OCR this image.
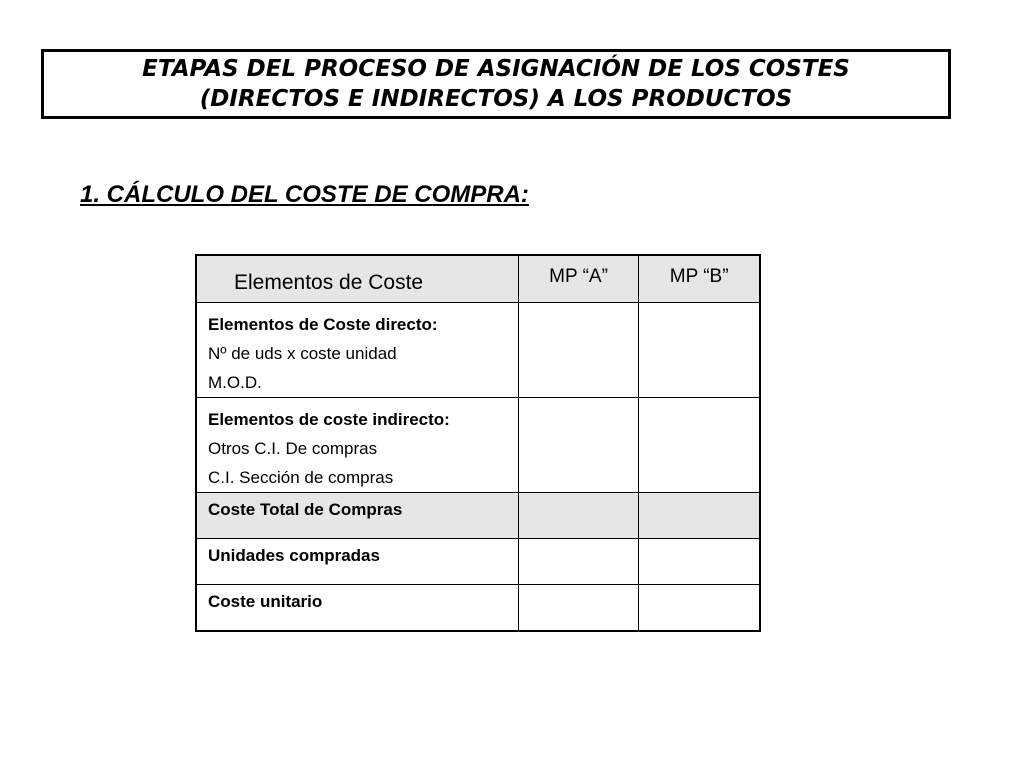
ETAPAS DEL PROCESO DE ASIGNACIÓN DE LOS COSTES
(DIRECTOS E INDIRECTOS) A LOS PRODUCTOS
1. CÁLCULO DEL COSTE DE COMPRA:
Elementos de Coste	MP “A”	MP “B”

Elementos de Coste directo:
Nº de uds x coste unidad
M.O.D.		

Elementos de coste indirecto:
Otros C.I. De compras
C.I. Sección de compras		

Coste Total de Compras		

Unidades compradas		

Coste unitario		
